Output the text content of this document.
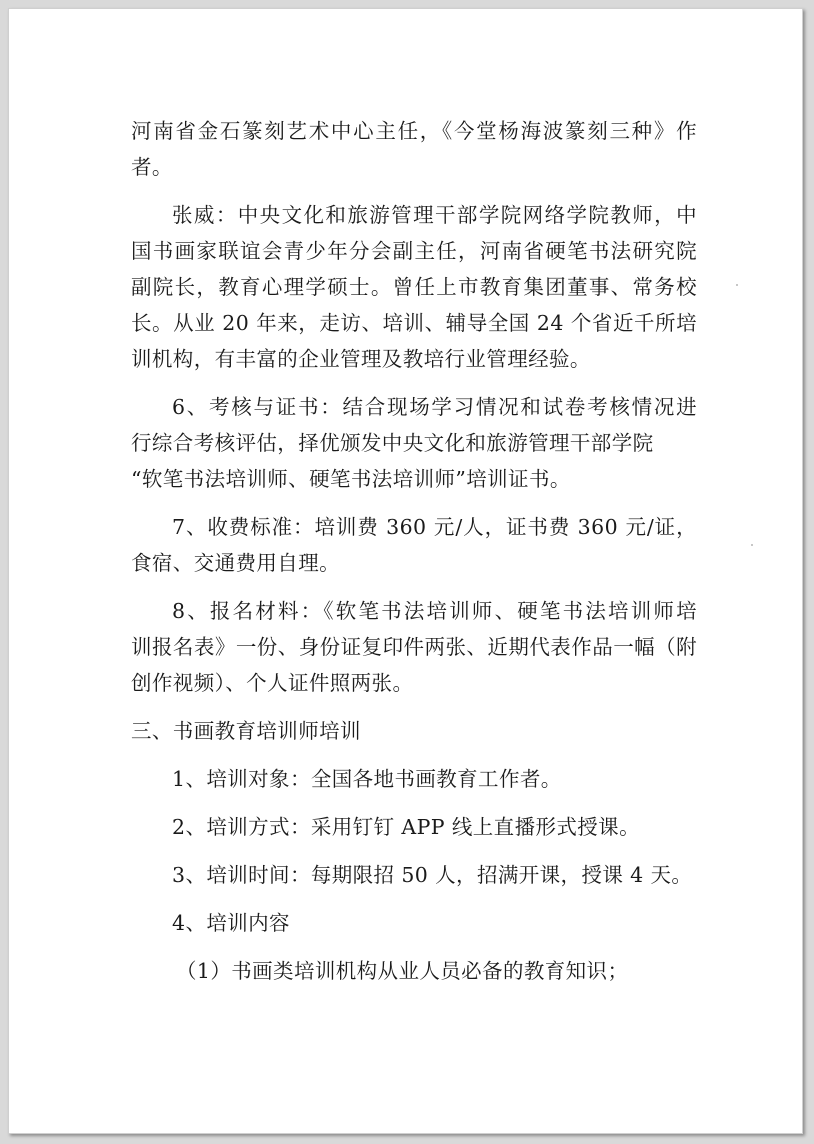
河南省金石篆刻艺术中心主任，《今堂杨海波篆刻三种》作
者。
张威：中央文化和旅游管理干部学院网络学院教师，中
国书画家联谊会青少年分会副主任，河南省硬笔书法研究院
副院长，教育心理学硕士。曾任上市教育集团董事、常务校
长。从业 20 年来，走访、培训、辅导全国 24 个省近千所培
训机构，有丰富的企业管理及教培行业管理经验。
6、考核与证书：结合现场学习情况和试卷考核情况进
行综合考核评估，择优颁发中央文化和旅游管理干部学院
“软笔书法培训师、硬笔书法培训师”培训证书。
7、收费标准：培训费 360 元/人，证书费 360 元/证，
食宿、交通费用自理。
8、报名材料：《软笔书法培训师、硬笔书法培训师培
训报名表》一份、身份证复印件两张、近期代表作品一幅（附
创作视频）、个人证件照两张。
三、书画教育培训师培训
1、培训对象：全国各地书画教育工作者。
2、培训方式：采用钉钉 APP 线上直播形式授课。
3、培训时间：每期限招 50 人，招满开课，授课 4 天。
4、培训内容
（1）书画类培训机构从业人员必备的教育知识；
